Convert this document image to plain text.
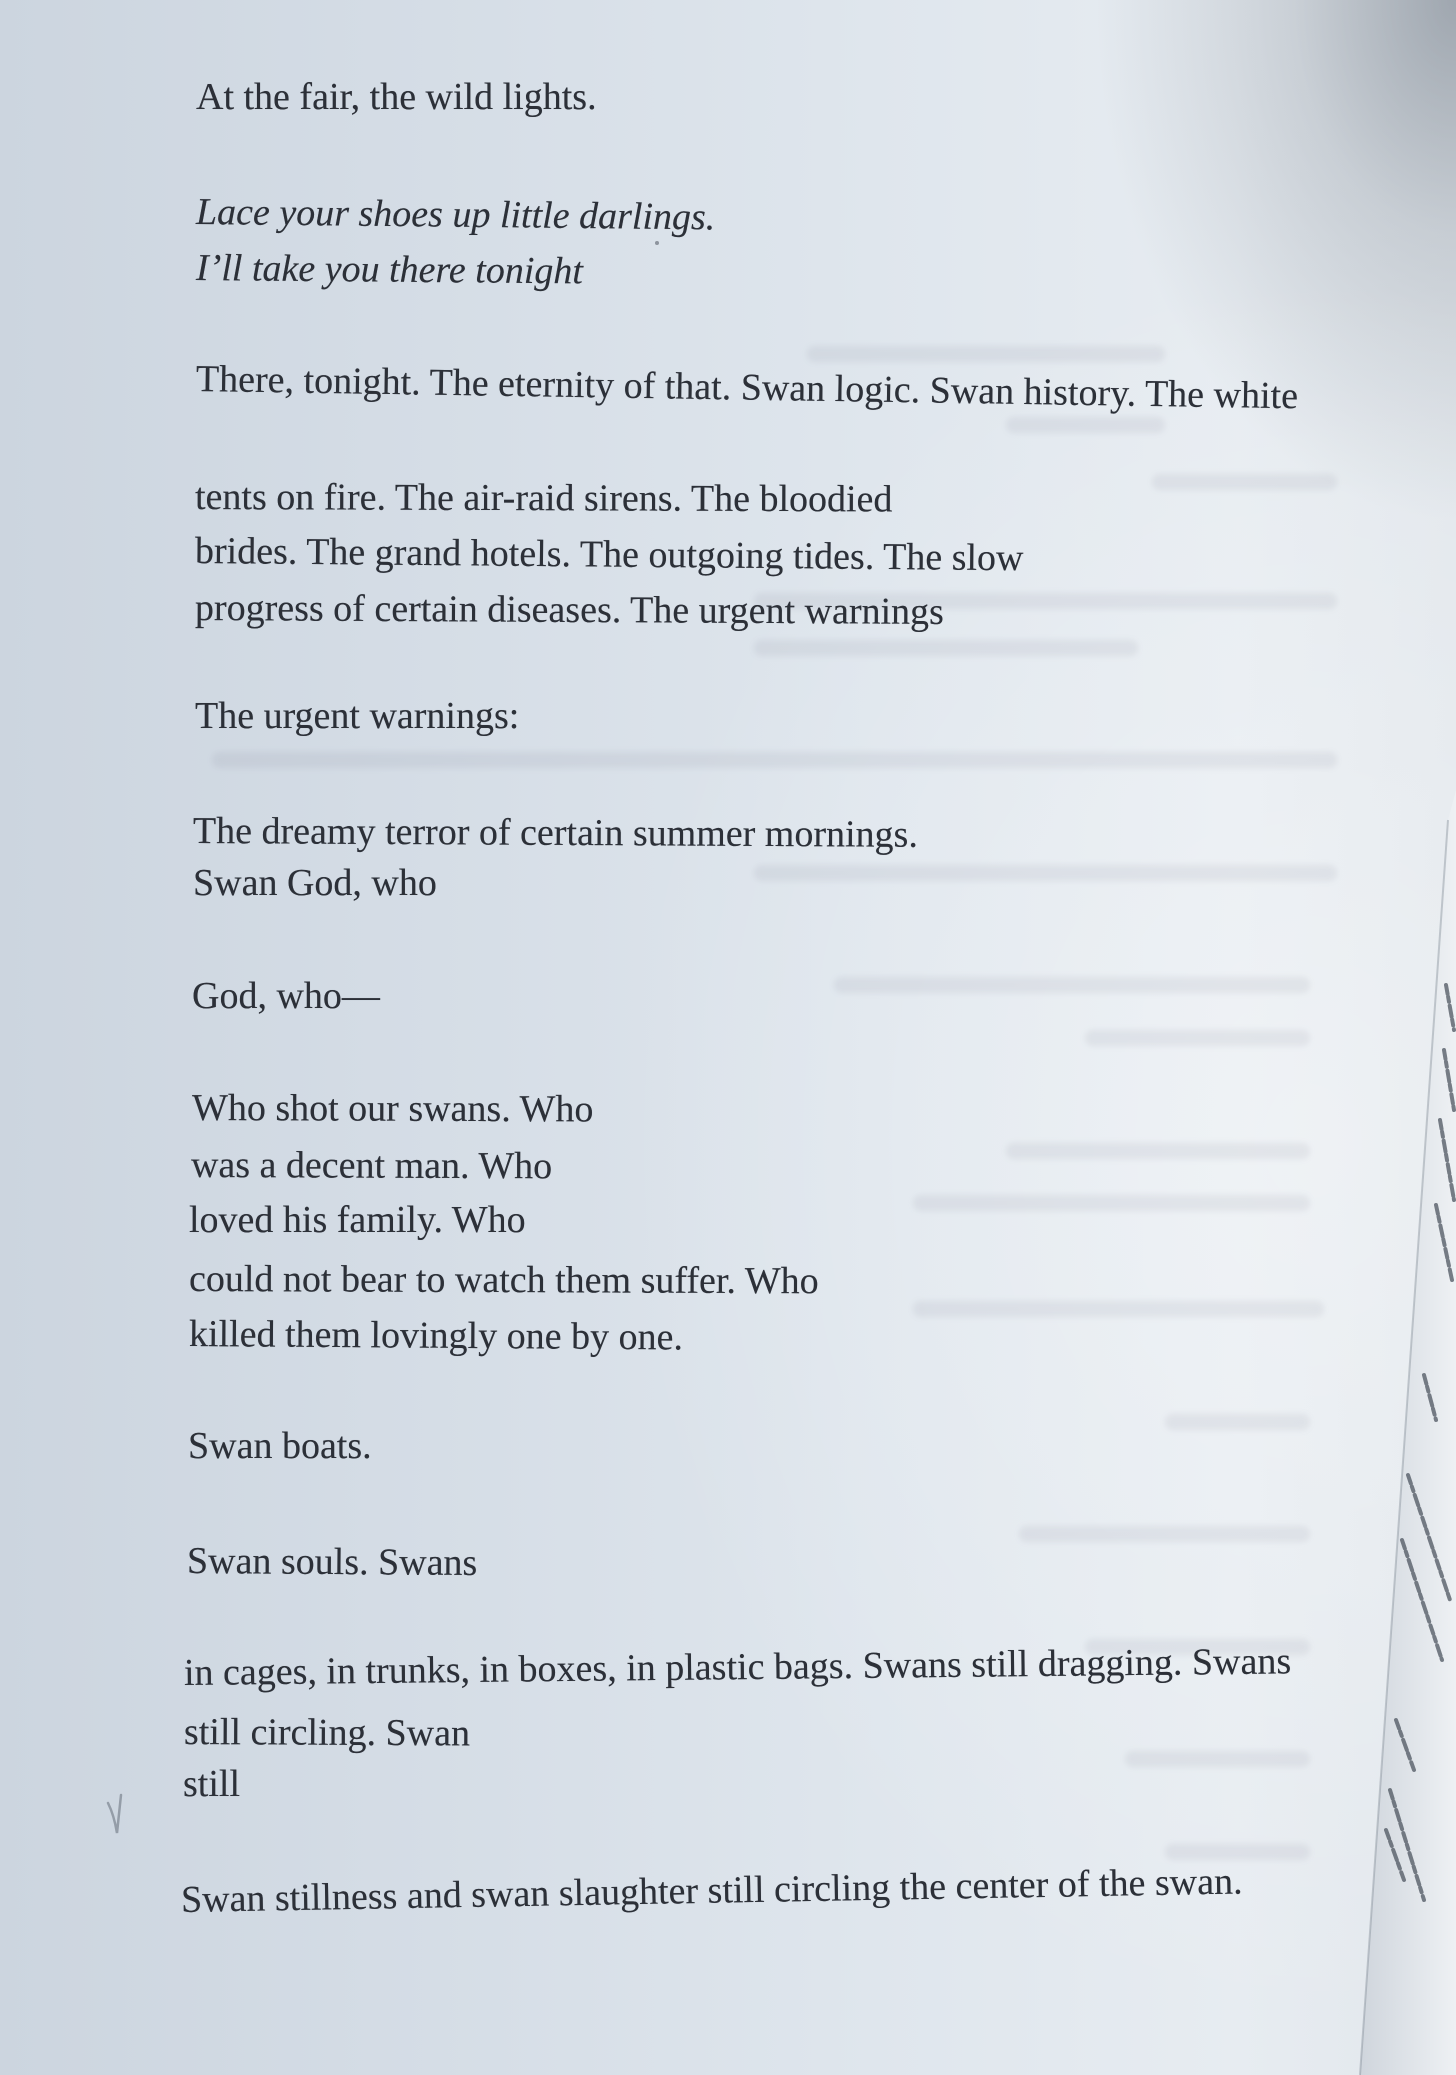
At the fair, the wild lights.
Lace your shoes up little darlings.
I’ll take you there tonight
There, tonight. The eternity of that. Swan logic. Swan history. The white
tents on fire. The air-raid sirens. The bloodied
brides. The grand hotels. The outgoing tides. The slow
progress of certain diseases. The urgent warnings
The urgent warnings:
The dreamy terror of certain summer mornings.
Swan God, who
God, who—
Who shot our swans. Who
was a decent man. Who
loved his family. Who
could not bear to watch them suffer. Who
killed them lovingly one by one.
Swan boats.
Swan souls. Swans
in cages, in trunks, in boxes, in plastic bags. Swans still dragging. Swans
still circling. Swan
still
Swan stillness and swan slaughter still circling the center of the swan.
